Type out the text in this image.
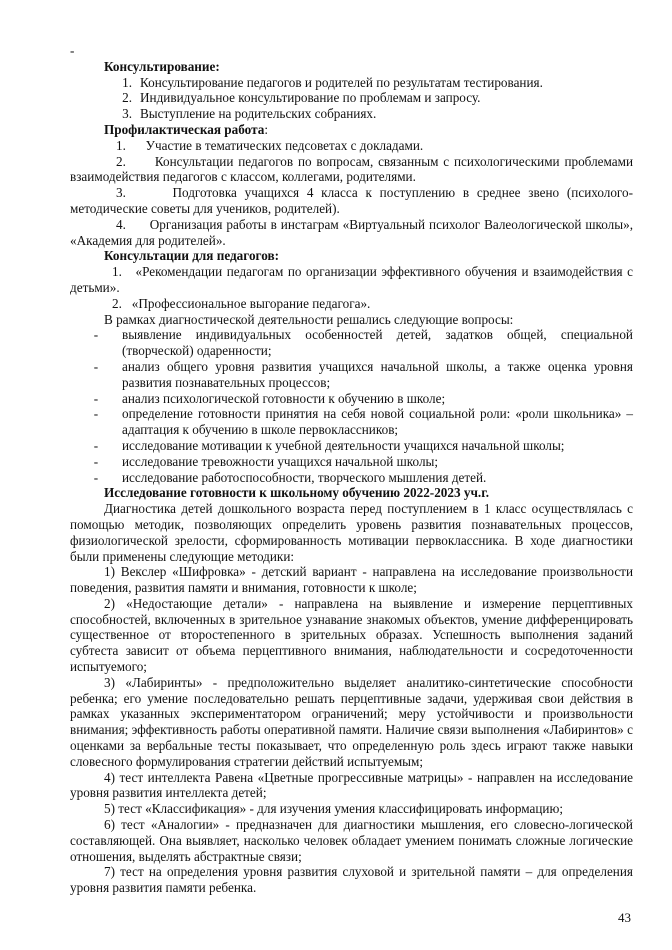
-

Консультирование:

1. Консультирование педагогов и родителей по результатам тестирования.
2. Индивидуальное консультирование по проблемам и запросу.
3. Выступление на родительских собраниях.

Профилактическая работа:

1. Участие в тематических педсоветах с докладами.

2. Консультации педагогов по вопросам, связанным с психологическими проблемами взаимодействия педагогов с классом, коллегами, родителями.

3.	Подготовка учащихся 4 класса к поступлению в среднее звено (психолого-методические советы для учеников, родителей).

4. Организация работы в инстаграм «Виртуальный психолог Валеологической школы», «Академия для родителей».

Консультации для педагогов:

1. «Рекомендации педагогам по организации эффективного обучения и взаимодействия с детьми».

2. «Профессиональное выгорание педагога».

В рамках диагностической деятельности решались следующие вопросы:

-	выявление индивидуальных особенностей детей, задатков общей, специальной (творческой) одаренности;
-	анализ общего уровня развития учащихся начальной школы, а также оценка уровня развития познавательных процессов;
-	анализ психологической готовности к обучению в школе;
-	определение готовности принятия на себя новой социальной роли: «роли школьника» – адаптация к обучению в школе первоклассников;
-	исследование мотивации к учебной деятельности учащихся начальной школы;
-	исследование тревожности учащихся начальной школы;
-	исследование работоспособности, творческого мышления детей.

Исследование готовности к школьному обучению 2022-2023 уч.г.

Диагностика детей дошкольного возраста перед поступлением в 1 класс осуществлялась с помощью методик, позволяющих определить уровень развития познавательных процессов, физиологической зрелости, сформированность мотивации первоклассника. В ходе диагностики были применены следующие методики:

1) Векслер «Шифровка» - детский вариант - направлена на исследование произвольности поведения, развития памяти и внимания, готовности к школе;

2) «Недостающие детали» - направлена на выявление и измерение перцептивных способностей, включенных в зрительное узнавание знакомых объектов, умение дифференцировать существенное от второстепенного в зрительных образах. Успешность выполнения заданий субтеста зависит от объема перцептивного внимания, наблюдательности и сосредоточенности испытуемого;

3) «Лабиринты» - предположительно выделяет аналитико-синтетические способности ребенка; его умение последовательно решать перцептивные задачи, удерживая свои действия в рамках указанных экспериментатором ограничений; меру устойчивости и произвольности внимания; эффективность работы оперативной памяти. Наличие связи выполнения «Лабиринтов» с оценками за вербальные тесты показывает, что определенную роль здесь играют также навыки словесного формулирования стратегии действий испытуемым;

4) тест интеллекта Равена «Цветные прогрессивные матрицы» - направлен на исследование уровня развития интеллекта детей;

5) тест «Классификация» - для изучения умения классифицировать информацию;

6) тест «Аналогии» - предназначен для диагностики мышления, его словесно-логической составляющей. Она выявляет, насколько человек обладает умением понимать сложные логические отношения, выделять абстрактные связи;

7) тест на определения уровня развития слуховой и зрительной памяти – для определения уровня развития памяти ребенка.

43
